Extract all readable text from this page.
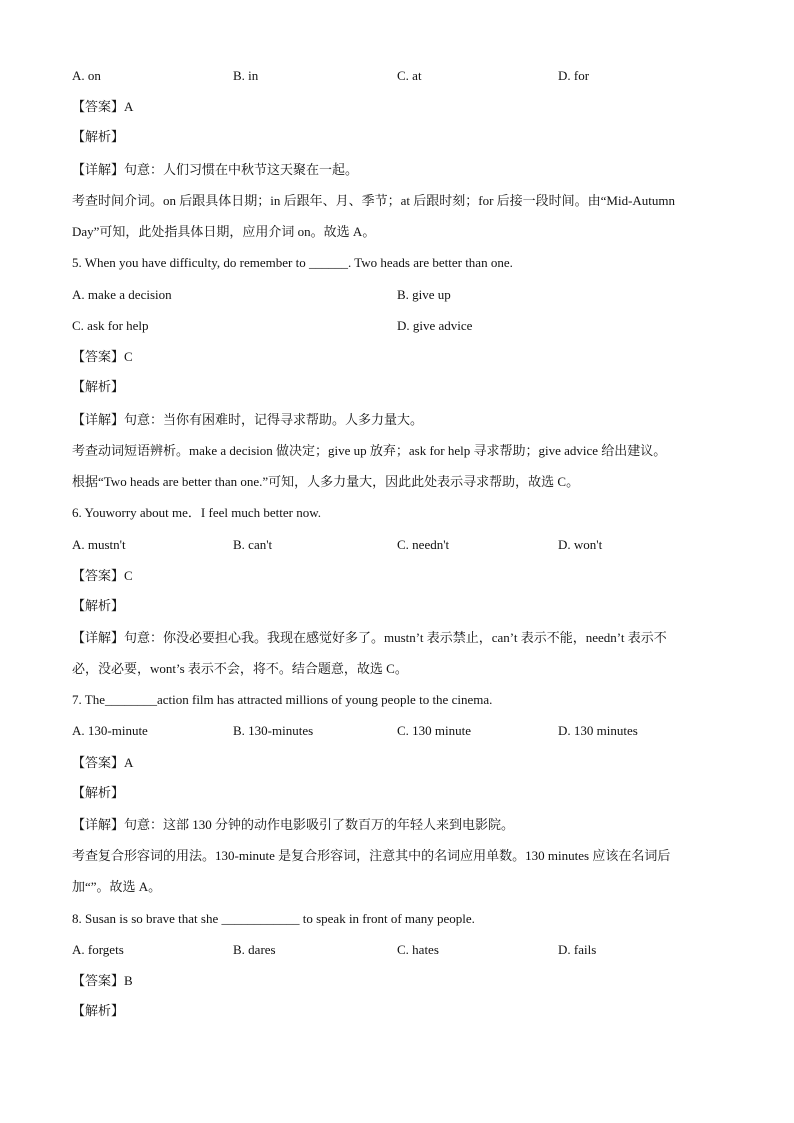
A. on	B. in	C. at	D. for
【答案】A
【解析】
【详解】句意：人们习惯在中秋节这天聚在一起。
考查时间介词。on 后跟具体日期；in 后跟年、月、季节；at 后跟时刻；for 后接一段时间。由“Mid-Autumn
Day”可知，此处指具体日期，应用介词 on。故选 A。
5. When you have difficulty, do remember to ______. Two heads are better than one.
A. make a decision	B. give up
C. ask for help	D. give advice
【答案】C
【解析】
【详解】句意：当你有困难时，记得寻求帮助。人多力量大。
考查动词短语辨析。make a decision 做决定；give up 放弃；ask for help 寻求帮助；give advice 给出建议。
根据“Two heads are better than one.”可知，人多力量大，因此此处表示寻求帮助，故选 C。
6. Youworry about me．I feel much better now.
A. mustn't	B. can't	C. needn't	D. won't
【答案】C
【解析】
【详解】句意：你没必要担心我。我现在感觉好多了。mustn’t 表示禁止，can’t 表示不能，needn’t 表示不
必，没必要，wont’s 表示不会，将不。结合题意，故选 C。
7. The________action film has attracted millions of young people to the cinema.
A. 130-minute	B. 130-minutes	C. 130 minute	D. 130 minutes
【答案】A
【解析】
【详解】句意：这部 130 分钟的动作电影吸引了数百万的年轻人来到电影院。
考查复合形容词的用法。130-minute 是复合形容词，注意其中的名词应用单数。130 minutes 应该在名词后
加“”。故选 A。
8. Susan is so brave that she ____________ to speak in front of many people.
A. forgets	B. dares	C. hates	D. fails
【答案】B
【解析】
